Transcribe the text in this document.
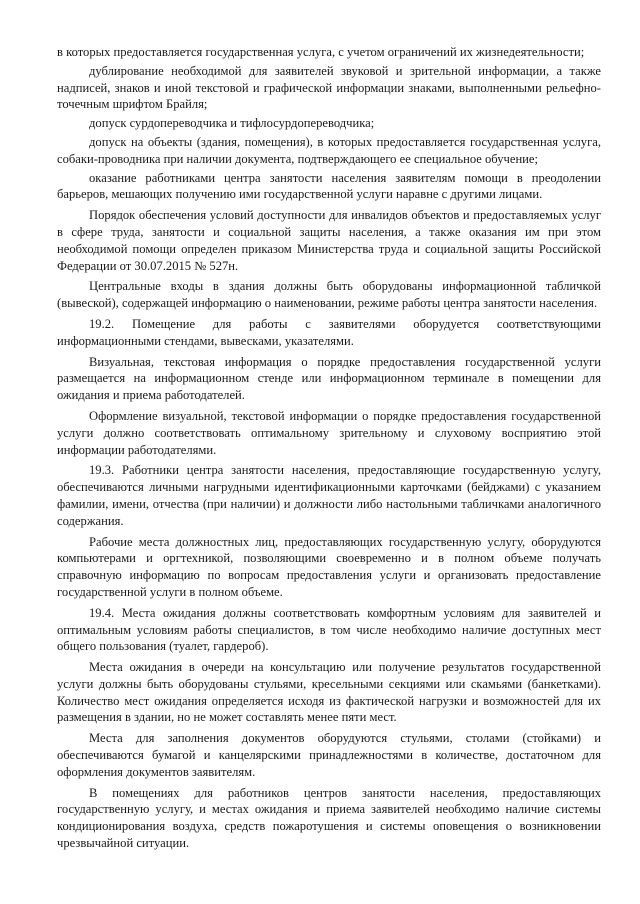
в которых предоставляется государственная услуга, с учетом ограничений их жизнедеятельности;

дублирование необходимой для заявителей звуковой и зрительной информации, а также надписей, знаков и иной текстовой и графической информации знаками, выполненными рельефно-точечным шрифтом Брайля;

допуск сурдопереводчика и тифлосурдопереводчика;

допуск на объекты (здания, помещения), в которых предоставляется государственная услуга, собаки-проводника при наличии документа, подтверждающего ее специальное обучение;

оказание работниками центра занятости населения заявителям помощи в преодолении барьеров, мешающих получению ими государственной услуги наравне с другими лицами.

Порядок обеспечения условий доступности для инвалидов объектов и предоставляемых услуг в сфере труда, занятости и социальной защиты населения, а также оказания им при этом необходимой помощи определен приказом Министерства труда и социальной защиты Российской Федерации от 30.07.2015 № 527н.

Центральные входы в здания должны быть оборудованы информационной табличкой (вывеской), содержащей информацию о наименовании, режиме работы центра занятости населения.

19.2. Помещение для работы с заявителями оборудуется соответствующими информационными стендами, вывесками, указателями.

Визуальная, текстовая информация о порядке предоставления государственной услуги размещается на информационном стенде или информационном терминале в помещении для ожидания и приема работодателей.

Оформление визуальной, текстовой информации о порядке предоставления государственной услуги должно соответствовать оптимальному зрительному и слуховому восприятию этой информации работодателями.

19.3. Работники центра занятости населения, предоставляющие государственную услугу, обеспечиваются личными нагрудными идентификационными карточками (бейджами) с указанием фамилии, имени, отчества (при наличии) и должности либо настольными табличками аналогичного содержания.

Рабочие места должностных лиц, предоставляющих государственную услугу, оборудуются компьютерами и оргтехникой, позволяющими своевременно и в полном объеме получать справочную информацию по вопросам предоставления услуги и организовать предоставление государственной услуги в полном объеме.

19.4. Места ожидания должны соответствовать комфортным условиям для заявителей и оптимальным условиям работы специалистов, в том числе необходимо наличие доступных мест общего пользования (туалет, гардероб).

Места ожидания в очереди на консультацию или получение результатов государственной услуги должны быть оборудованы стульями, кресельными секциями или скамьями (банкетками). Количество мест ожидания определяется исходя из фактической нагрузки и возможностей для их размещения в здании, но не может составлять менее пяти мест.

Места для заполнения документов оборудуются стульями, столами (стойками) и обеспечиваются бумагой и канцелярскими принадлежностями в количестве, достаточном для оформления документов заявителям.

В помещениях для работников центров занятости населения, предоставляющих государственную услугу, и местах ожидания и приема заявителей необходимо наличие системы кондиционирования воздуха, средств пожаротушения и системы оповещения о возникновении чрезвычайной ситуации.
